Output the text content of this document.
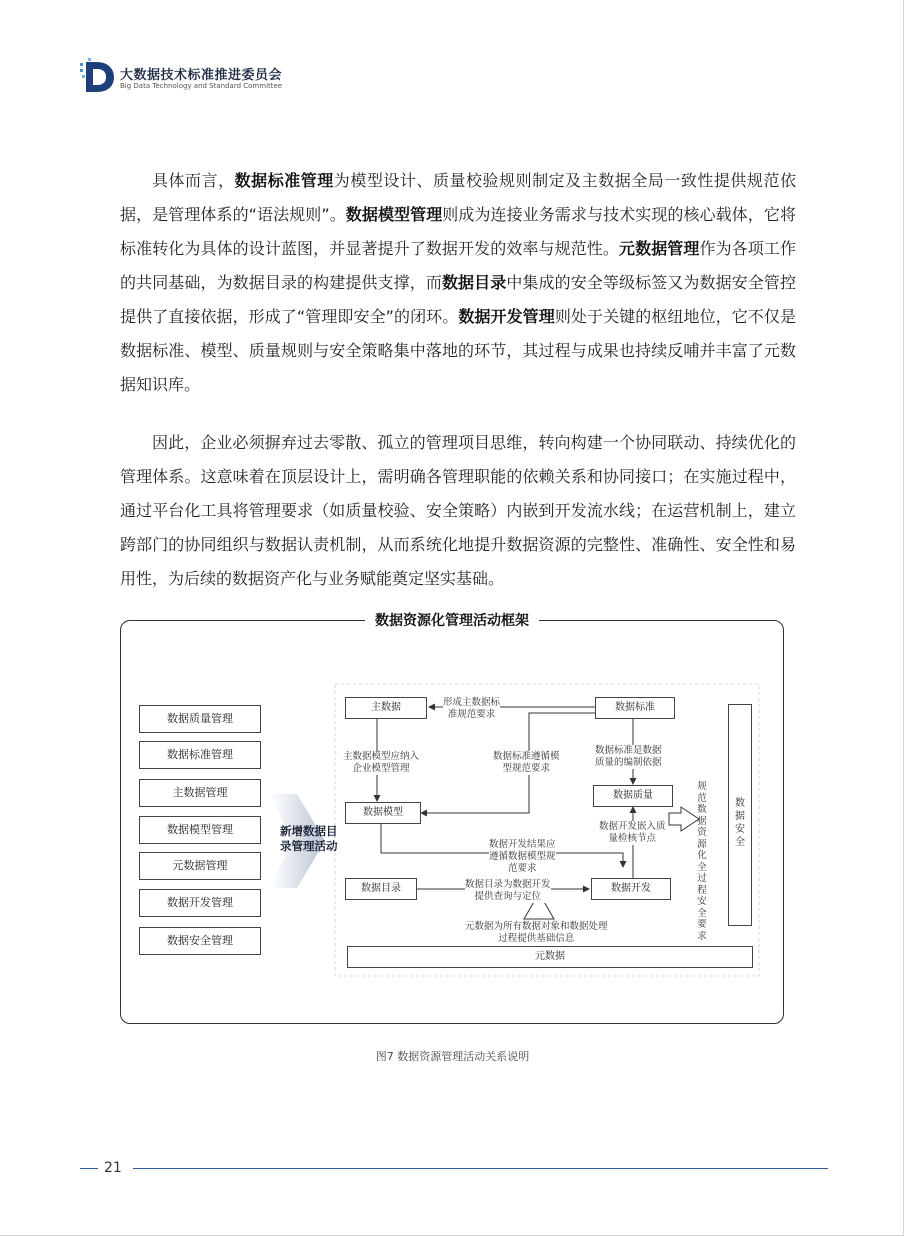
大数据技术标准推进委员会
Big Data Technology and Standard Committee

具体而言，数据标准管理为模型设计、质量校验规则制定及主数据全局一致性提供规范依据，是管理体系的“语法规则”。数据模型管理则成为连接业务需求与技术实现的核心载体，它将标准转化为具体的设计蓝图，并显著提升了数据开发的效率与规范性。元数据管理作为各项工作的共同基础，为数据目录的构建提供支撑，而数据目录中集成的安全等级标签又为数据安全管控提供了直接依据，形成了“管理即安全”的闭环。数据开发管理则处于关键的枢纽地位，它不仅是数据标准、模型、质量规则与安全策略集中落地的环节，其过程与成果也持续反哺并丰富了元数据知识库。

因此，企业必须摒弃过去零散、孤立的管理项目思维，转向构建一个协同联动、持续优化的管理体系。这意味着在顶层设计上，需明确各管理职能的依赖关系和协同接口；在实施过程中，通过平台化工具将管理要求（如质量校验、安全策略）内嵌到开发流水线；在运营机制上，建立跨部门的协同组织与数据认责机制，从而系统化地提升数据资源的完整性、准确性、安全性和易用性，为后续的数据资产化与业务赋能奠定坚实基础。

数据资源化管理活动框架
数据质量管理
数据标准管理
主数据管理
数据模型管理
元数据管理
数据开发管理
数据安全管理
新增数据目
录管理活动
主数据	数据标准
数据模型
数据质量
数据目录	数据开发
形成主数据标
准规范要求
主数据模型应纳入
企业模型管理
数据标准遵循模
型规范要求
数据标准是数据
质量的编制依据
数据开发嵌入质
量检核节点
数据开发结果应
遵循数据模型规
范要求
数据目录为数据开发
提供查询与定位
元数据为所有数据对象和数据处理
过程提供基础信息
数
据
安
全
规
范
数
据
资
源
化
全
过
程
安
全
要
求
元数据
图7 数据资源管理活动关系说明
21
